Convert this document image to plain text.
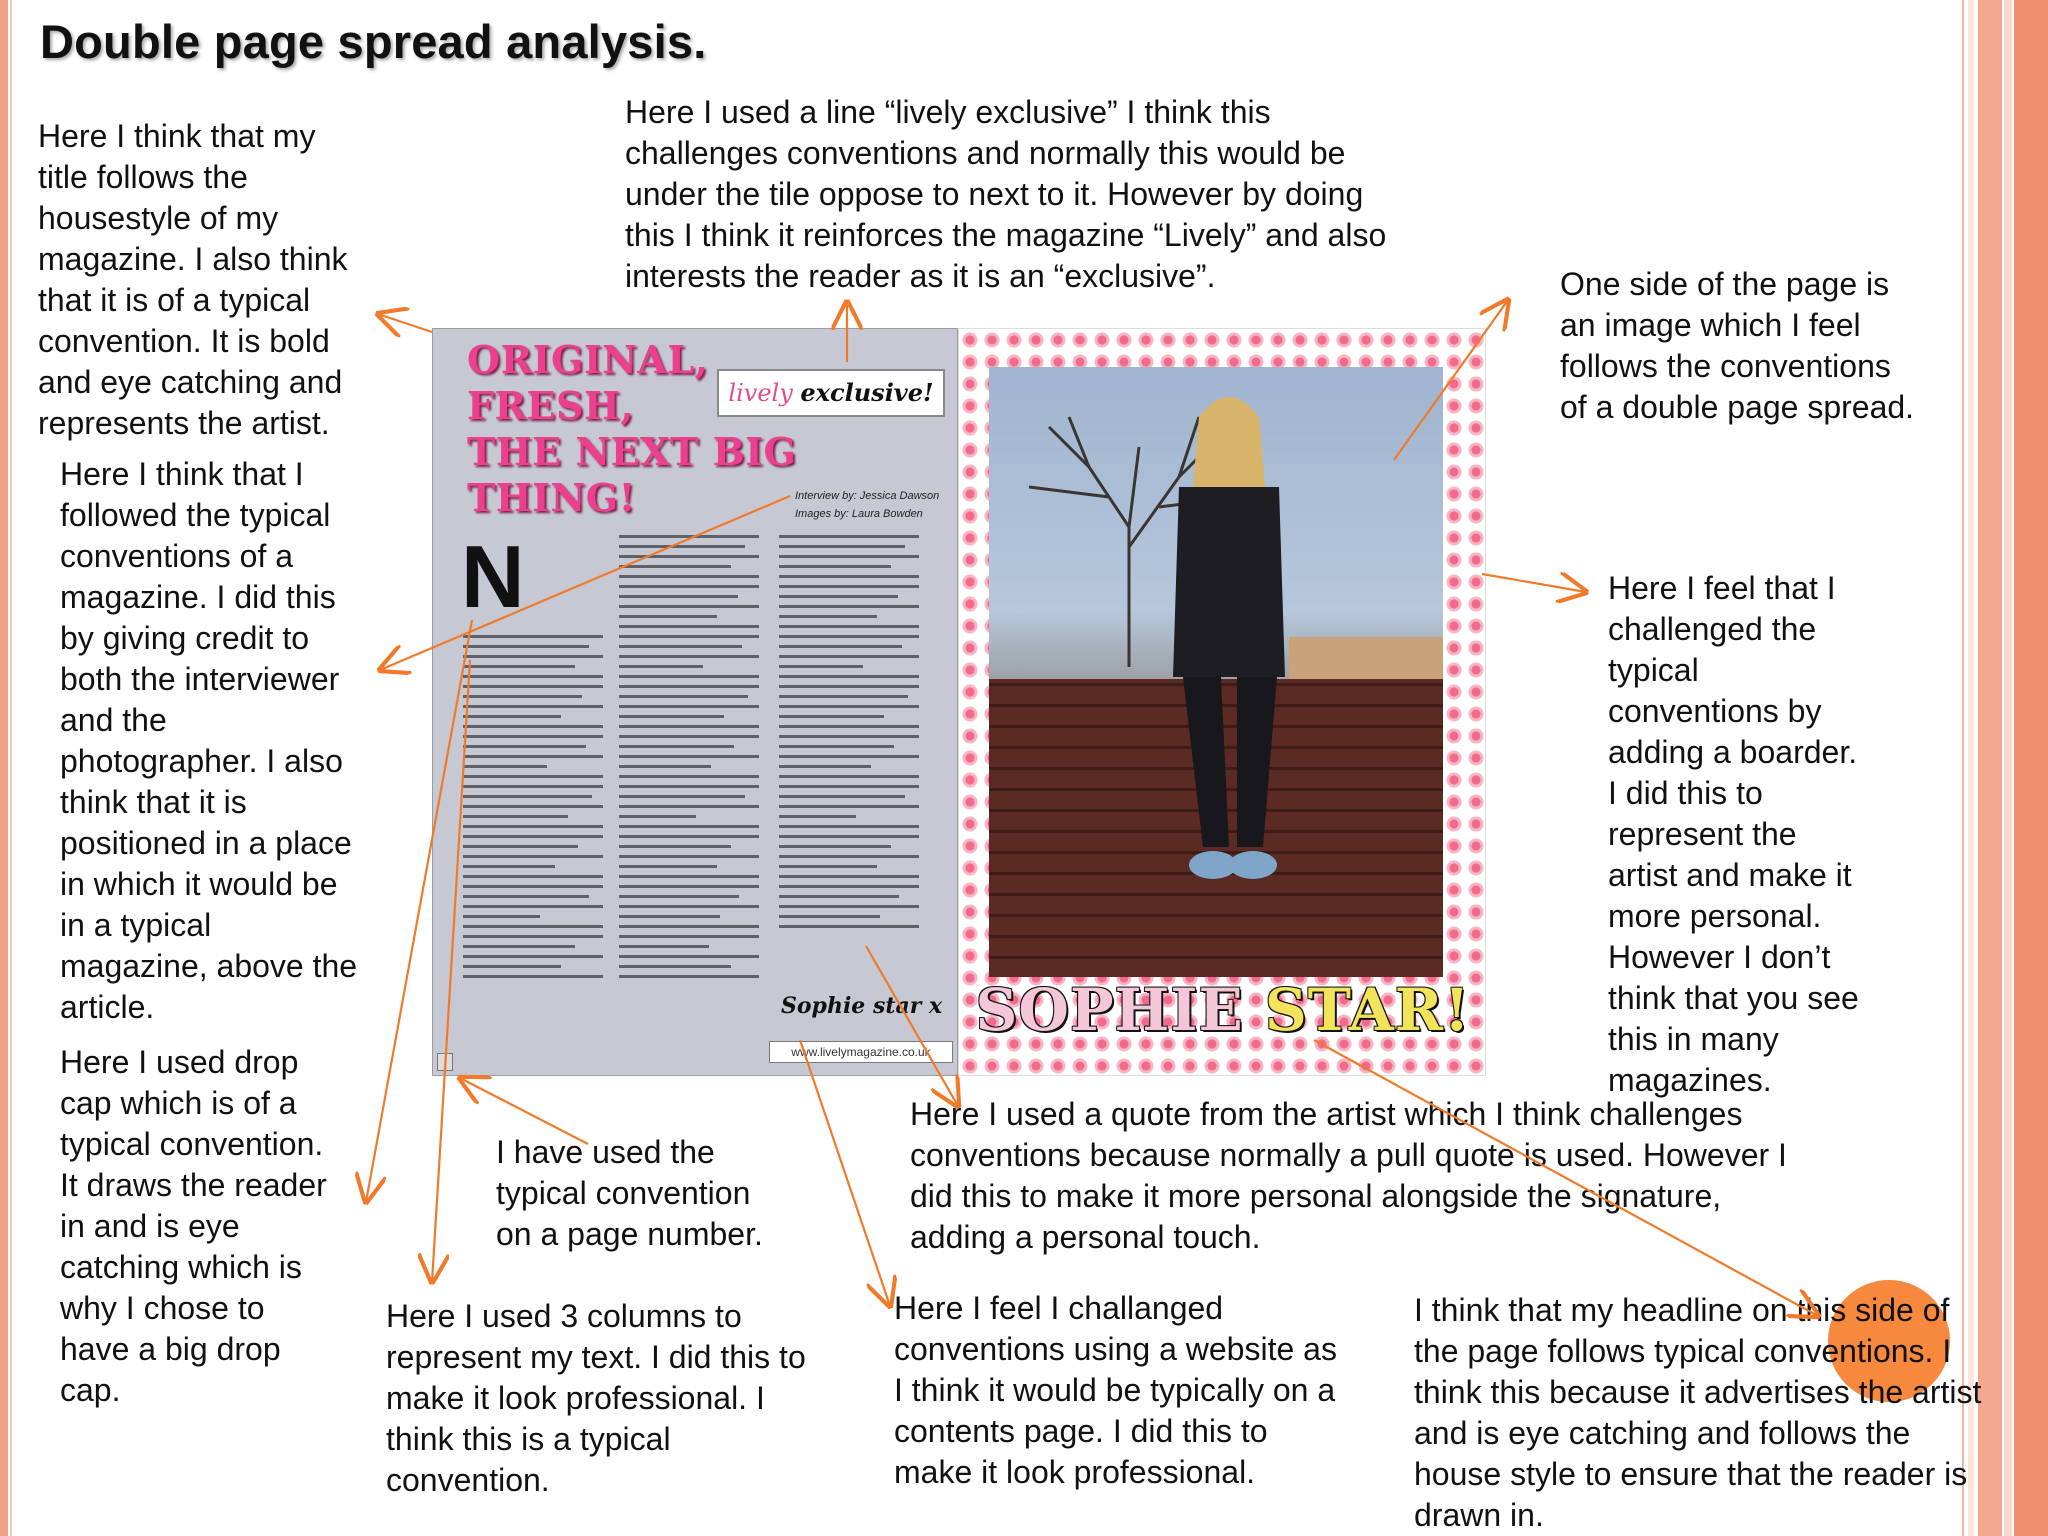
Double page spread analysis.
Here I think that my
title follows the
housestyle of my
magazine. I also think
that it is of a typical
convention. It is bold
and eye catching and
represents the artist.
Here I used a line “lively exclusive” I think this
challenges conventions and normally this would be
under the tile oppose to next to it. However by doing
this I think it reinforces the magazine “Lively” and also
interests the reader as it is an “exclusive”.	One side of the page is
an image which I feel
follows the conventions
of a double page spread.
Here I think that I
followed the typical
conventions of a
magazine. I did this
by giving credit to
both the interviewer
and the
photographer. I also
think that it is
positioned in a place
in which it would be
in a typical
magazine, above the
article.
Here I feel that I
challenged the
typical
conventions by
adding a boarder.
I did this to
represent the
artist and make it
more personal.
However I don’t
think that you see
this in many
magazines.
Here I used drop
cap which is of a
typical convention.
It draws the reader
in and is eye
catching which is
why I chose to
have a big drop
cap.
I have used the
typical convention
on a page number.
Here I used a quote from the artist which I think challenges
conventions because normally a pull quote is used. However I
did this to make it more personal alongside the signature,
adding a personal touch.
Here I used 3 columns to
represent my text. I did this to
make it look professional. I
think this is a typical
convention.
Here I feel I challanged
conventions using a website as
I think it would be typically on a
contents page. I did this to
make it look professional.
ORIGINAL,
FRESH,
THE NEXT BIG
THING!
lively exclusive!
Interview by: Jessica Dawson
Images by: Laura Bowden
N
Sophie star x
www.livelymagazine.co.uk
SOPHIE STAR!
I think that my headline on this side of
the page follows typical conventions. I
think this because it advertises the artist
and is eye catching and follows the
house style to ensure that the reader is
drawn in.
